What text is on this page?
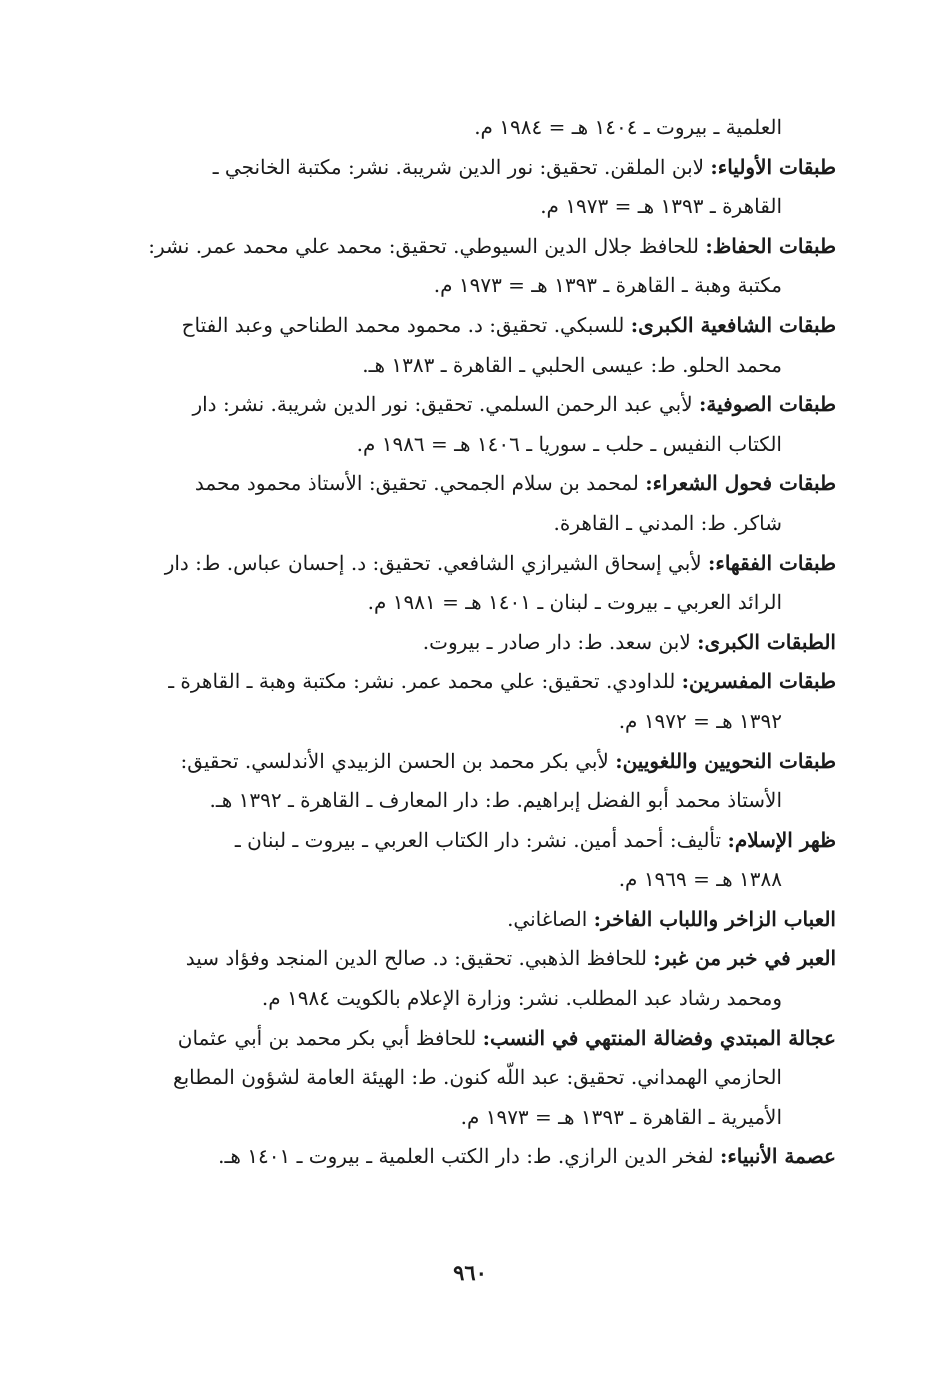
العلمية ـ بيروت ـ ١٤٠٤ هـ = ١٩٨٤ م.
طبقات الأولياء: لابن الملقن. تحقيق: نور الدين شريبة. نشر: مكتبة الخانجي ـ
القاهرة ـ ١٣٩٣ هـ = ١٩٧٣ م.
طبقات الحفاظ: للحافظ جلال الدين السيوطي. تحقيق: محمد علي محمد عمر. نشر:
مكتبة وهبة ـ القاهرة ـ ١٣٩٣ هـ = ١٩٧٣ م.
طبقات الشافعية الكبرى: للسبكي. تحقيق: د. محمود محمد الطناحي وعبد الفتاح
محمد الحلو. ط: عيسى الحلبي ـ القاهرة ـ ١٣٨٣ هـ.
طبقات الصوفية: لأبي عبد الرحمن السلمي. تحقيق: نور الدين شريبة. نشر: دار
الكتاب النفيس ـ حلب ـ سوريا ـ ١٤٠٦ هـ = ١٩٨٦ م.
طبقات فحول الشعراء: لمحمد بن سلام الجمحي. تحقيق: الأستاذ محمود محمد
شاكر. ط: المدني ـ القاهرة.
طبقات الفقهاء: لأبي إسحاق الشيرازي الشافعي. تحقيق: د. إحسان عباس. ط: دار
الرائد العربي ـ بيروت ـ لبنان ـ ١٤٠١ هـ = ١٩٨١ م.
الطبقات الكبرى: لابن سعد. ط: دار صادر ـ بيروت.
طبقات المفسرين: للداودي. تحقيق: علي محمد عمر. نشر: مكتبة وهبة ـ القاهرة ـ
١٣٩٢ هـ = ١٩٧٢ م.
طبقات النحويين واللغويين: لأبي بكر محمد بن الحسن الزبيدي الأندلسي. تحقيق:
الأستاذ محمد أبو الفضل إبراهيم. ط: دار المعارف ـ القاهرة ـ ١٣٩٢ هـ.
ظهر الإسلام: تأليف: أحمد أمين. نشر: دار الكتاب العربي ـ بيروت ـ لبنان ـ
١٣٨٨ هـ = ١٩٦٩ م.
العباب الزاخر واللباب الفاخر: الصاغاني.
العبر في خبر من غبر: للحافظ الذهبي. تحقيق: د. صالح الدين المنجد وفؤاد سيد
ومحمد رشاد عبد المطلب. نشر: وزارة الإعلام بالكويت ١٩٨٤ م.
عجالة المبتدي وفضالة المنتهي في النسب: للحافظ أبي بكر محمد بن أبي عثمان
الحازمي الهمداني. تحقيق: عبد اللّه كنون. ط: الهيئة العامة لشؤون المطابع
الأميرية ـ القاهرة ـ ١٣٩٣ هـ = ١٩٧٣ م.
عصمة الأنبياء: لفخر الدين الرازي. ط: دار الكتب العلمية ـ بيروت ـ ١٤٠١ هـ.
٩٦٠
